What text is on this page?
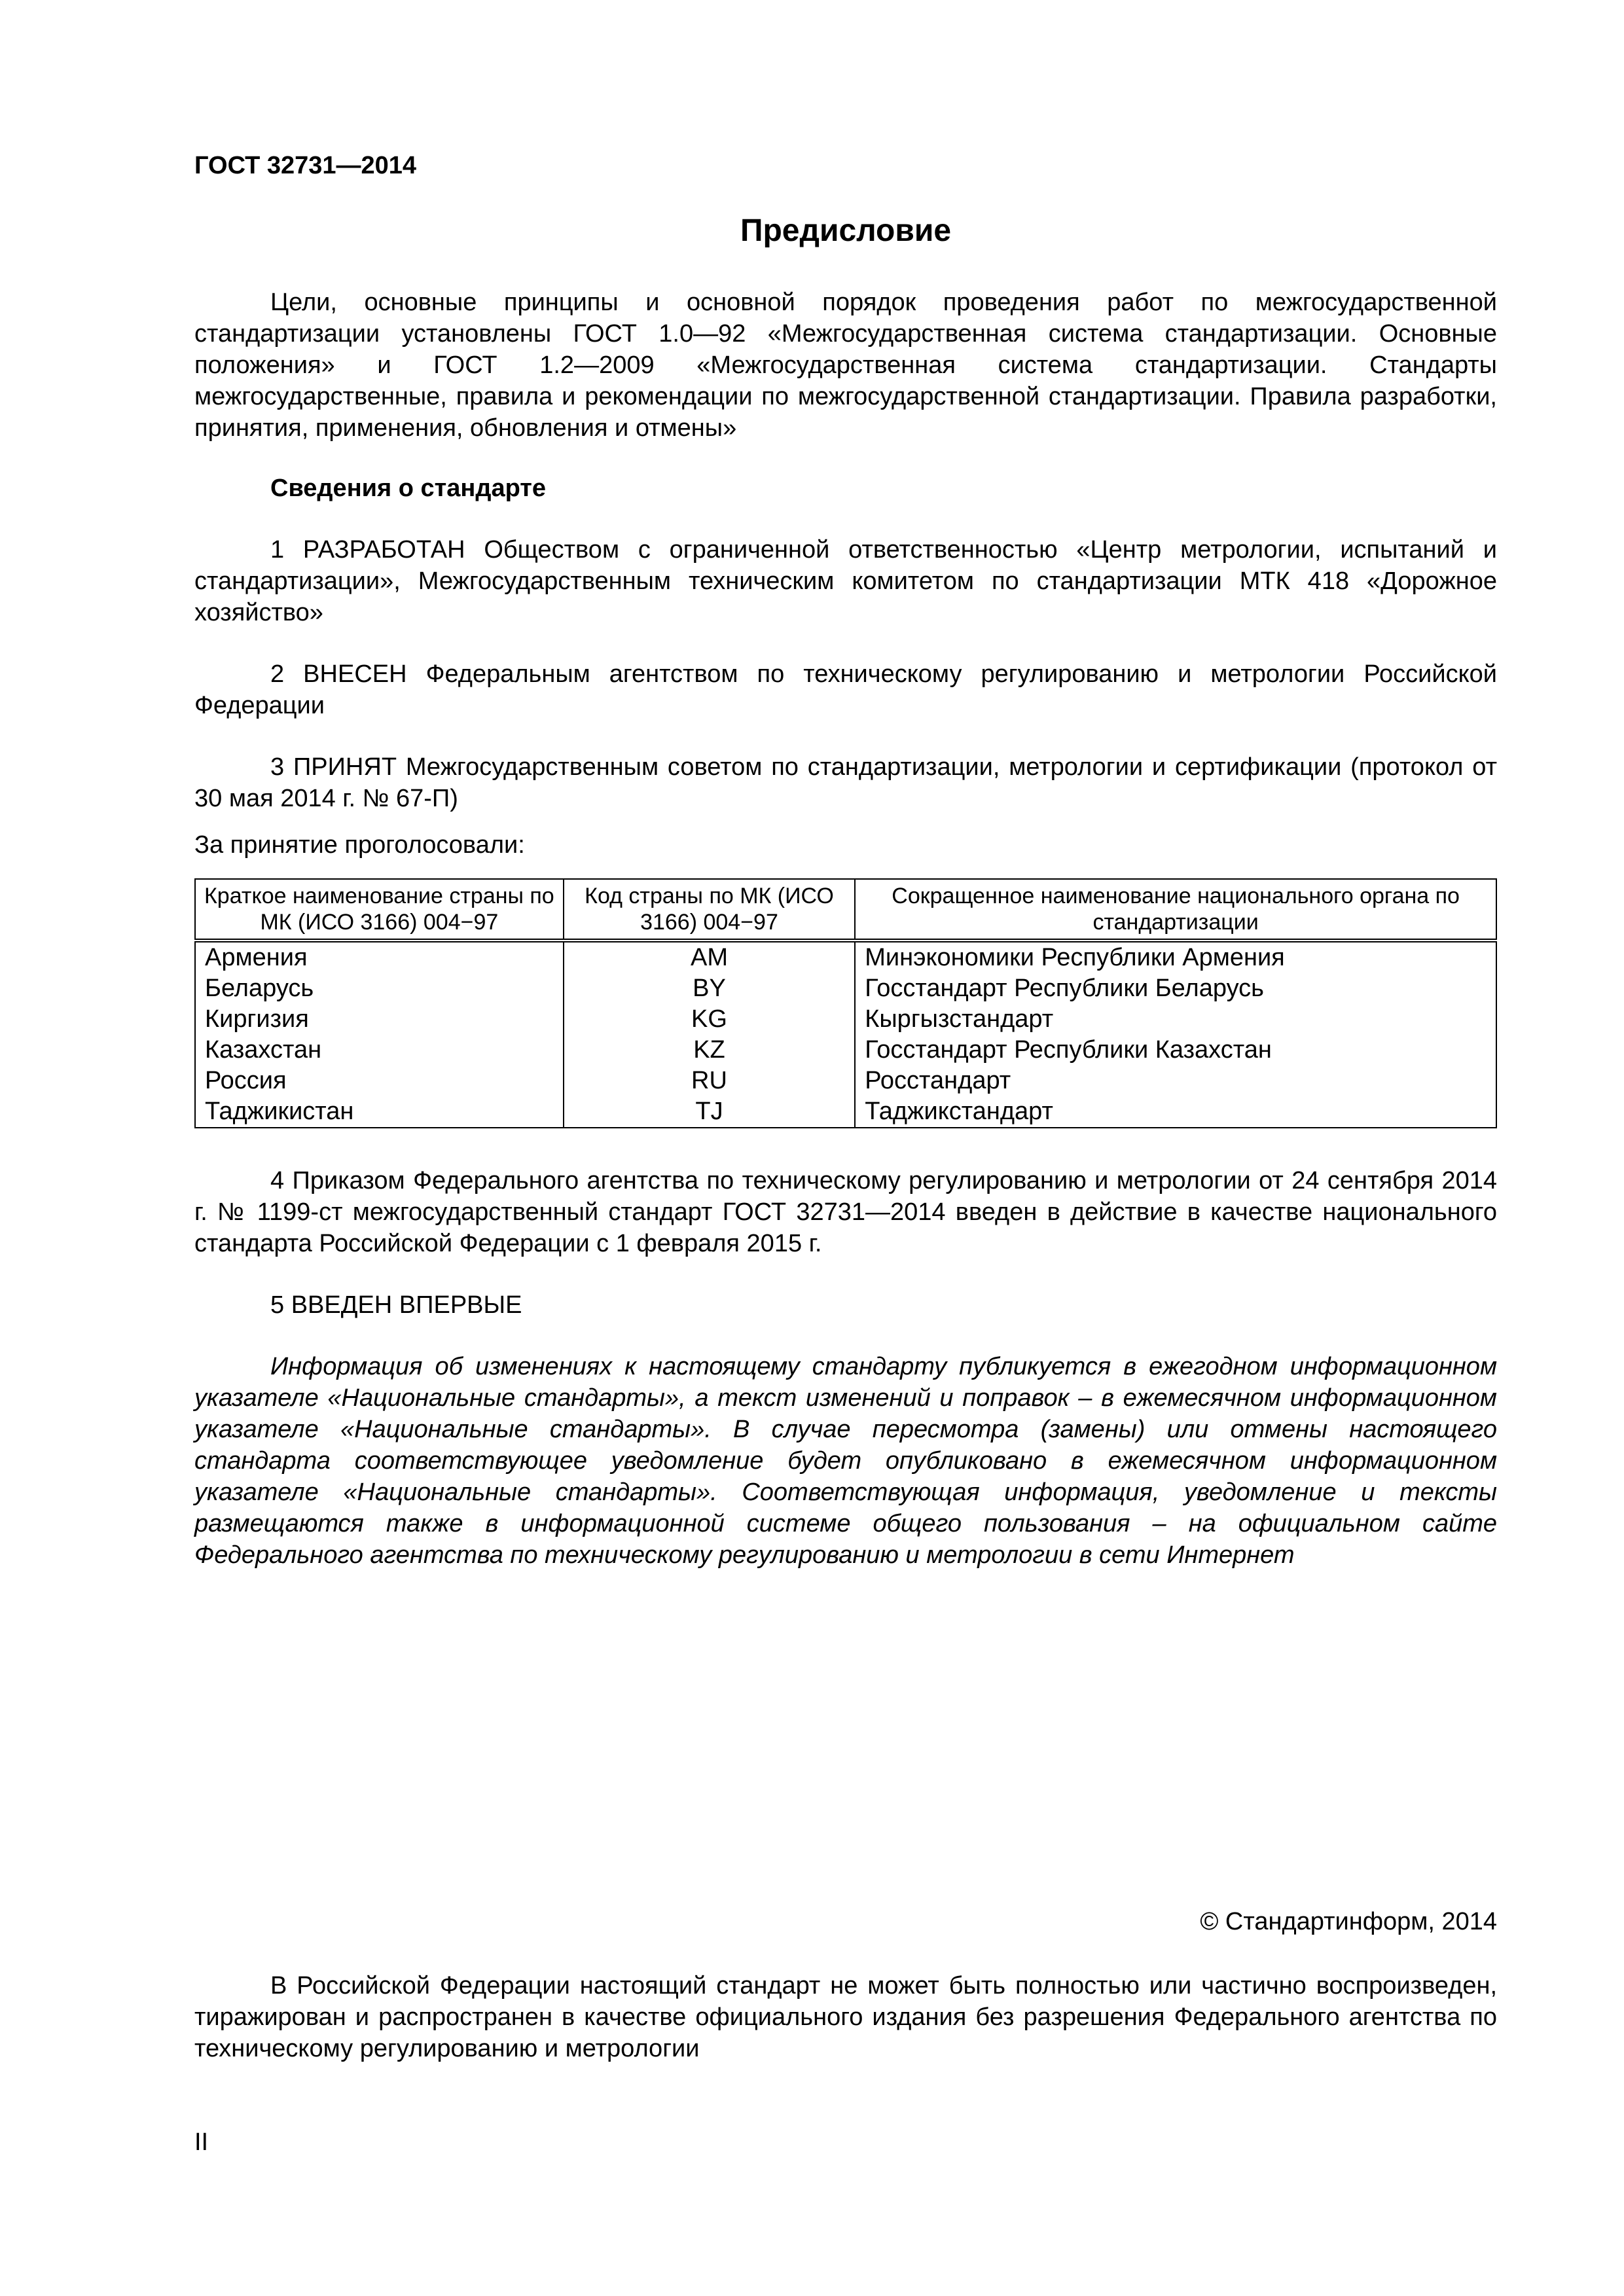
ГОСТ 32731—2014

Предисловие

Цели, основные принципы и основной порядок проведения работ по межгосударственной стандартизации установлены ГОСТ 1.0—92 «Межгосударственная система стандартизации. Основные положения» и ГОСТ 1.2—2009 «Межгосударственная система стандартизации. Стандарты межгосударственные, правила и рекомендации по межгосударственной стандартизации. Правила разработки, принятия, применения, обновления и отмены»

Сведения о стандарте

1 РАЗРАБОТАН Обществом с ограниченной ответственностью «Центр метрологии, испытаний и стандартизации», Межгосударственным техническим комитетом по стандартизации МТК 418 «Дорожное хозяйство»

2 ВНЕСЕН Федеральным агентством по техническому регулированию и метрологии Российской Федерации

3 ПРИНЯТ Межгосударственным советом по стандартизации, метрологии и сертификации (протокол от 30 мая 2014 г. № 67-П)

За принятие проголосовали:

Краткое наименование страны по МК (ИСО 3166) 004−97	Код страны по МК (ИСО 3166) 004−97	Сокращенное наименование национального органа по стандартизации
Армения	AM	Минэкономики Республики Армения
Беларусь	BY	Госстандарт Республики Беларусь
Киргизия	KG	Кыргызстандарт
Казахстан	KZ	Госстандарт Республики Казахстан
Россия	RU	Росстандарт
Таджикистан	TJ	Таджикстандарт

4 Приказом Федерального агентства по техническому регулированию и метрологии от 24 сентября 2014 г. № 1199-ст межгосударственный стандарт ГОСТ 32731—2014 введен в действие в качестве национального стандарта Российской Федерации с 1 февраля 2015 г.

5 ВВЕДЕН ВПЕРВЫЕ

Информация об изменениях к настоящему стандарту публикуется в ежегодном информационном указателе «Национальные стандарты», а текст изменений и поправок – в ежемесячном информационном указателе «Национальные стандарты». В случае пересмотра (замены) или отмены настоящего стандарта соответствующее уведомление будет опубликовано в ежемесячном информационном указателе «Национальные стандарты». Соответствующая информация, уведомление и тексты размещаются также в информационной системе общего пользования – на официальном сайте Федерального агентства по техническому регулированию и метрологии в сети Интернет

© Стандартинформ, 2014

В Российской Федерации настоящий стандарт не может быть полностью или частично воспроизведен, тиражирован и распространен в качестве официального издания без разрешения Федерального агентства по техническому регулированию и метрологии

II
